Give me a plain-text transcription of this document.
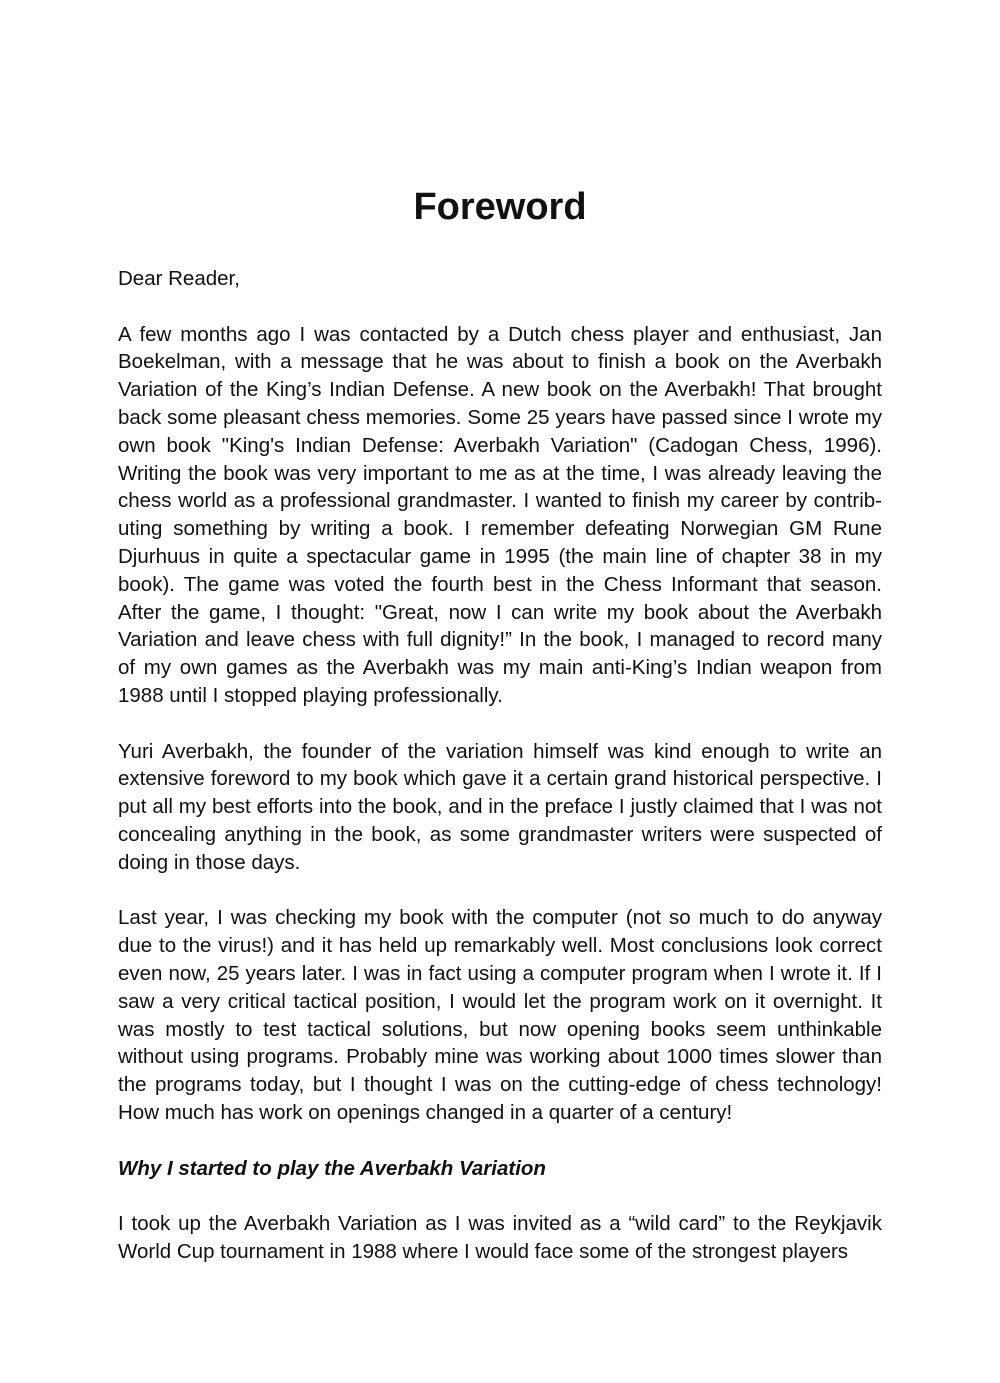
Foreword

Dear Reader,

A few months ago I was contacted by a Dutch chess player and enthusiast, Jan Boekelman, with a message that he was about to finish a book on the Averbakh Variation of the King’s Indian Defense. A new book on the Averbakh! That brought back some pleasant chess memories. Some 25 years have passed since I wrote my own book "King's Indian Defense: Averbakh Variation" (Cadogan Chess, 1996). Writing the book was very important to me as at the time, I was already leaving the chess world as a professional grandmaster. I wanted to finish my career by contributing something by writing a book. I remember defeating Norwegian GM Rune Djurhuus in quite a spectacular game in 1995 (the main line of chapter 38 in my book). The game was voted the fourth best in the Chess Informant that season. After the game, I thought: "Great, now I can write my book about the Averbakh Variation and leave chess with full dignity!” In the book, I managed to record many of my own games as the Averbakh was my main anti-King’s Indian weapon from 1988 until I stopped playing professionally.

Yuri Averbakh, the founder of the variation himself was kind enough to write an extensive foreword to my book which gave it a certain grand historical perspective. I put all my best efforts into the book, and in the preface I justly claimed that I was not concealing anything in the book, as some grandmaster writers were suspected of doing in those days.

Last year, I was checking my book with the computer (not so much to do anyway due to the virus!) and it has held up remarkably well. Most conclusions look correct even now, 25 years later. I was in fact using a computer program when I wrote it. If I saw a very critical tactical position, I would let the program work on it overnight. It was mostly to test tactical solutions, but now opening books seem unthinkable without using programs. Probably mine was working about 1000 times slower than the programs today, but I thought I was on the cutting-edge of chess technology! How much has work on openings changed in a quarter of a century!

Why I started to play the Averbakh Variation

I took up the Averbakh Variation as I was invited as a “wild card” to the Reykjavik World Cup tournament in 1988 where I would face some of the strongest players
